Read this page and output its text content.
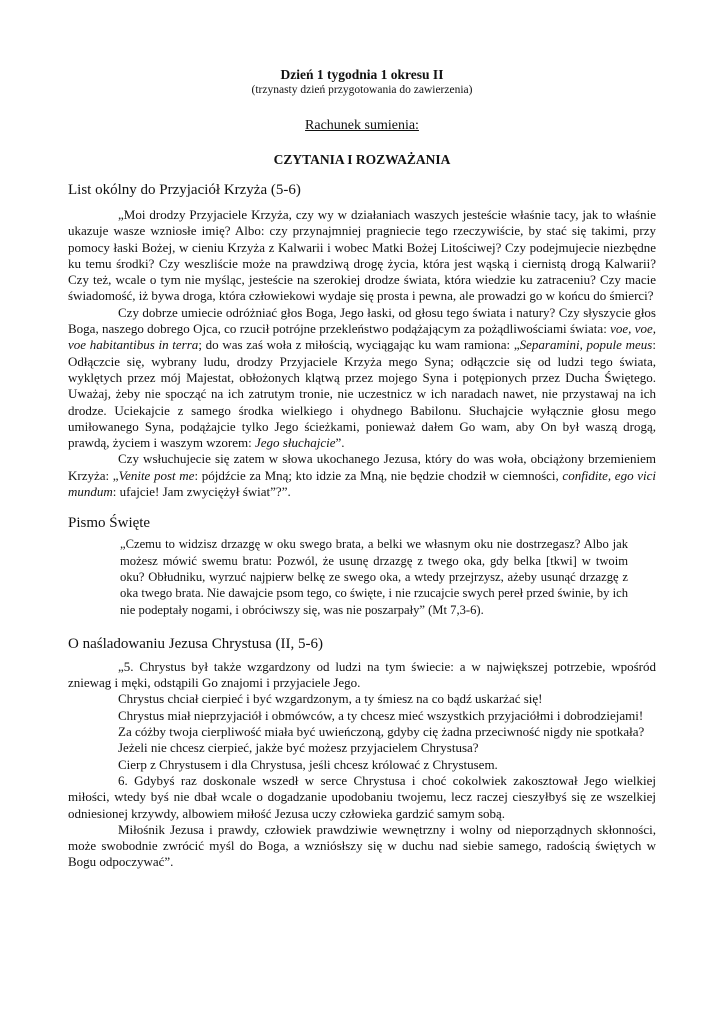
Dzień 1 tygodnia 1 okresu II

(trzynasty dzień przygotowania do zawierzenia)

Rachunek sumienia:

CZYTANIA I ROZWAŻANIA

List okólny do Przyjaciół Krzyża (5-6)

„Moi drodzy Przyjaciele Krzyża, czy wy w działaniach waszych jesteście właśnie tacy, jak to właśnie ukazuje wasze wzniosłe imię? Albo: czy przynajmniej pragniecie tego rzeczywiście, by stać się takimi, przy pomocy łaski Bożej, w cieniu Krzyża z Kalwarii i wobec Matki Bożej Litościwej? Czy podejmujecie niezbędne ku temu środki? Czy weszliście może na prawdziwą drogę życia, która jest wąską i ciernistą drogą Kalwarii? Czy też, wcale o tym nie myśląc, jesteście na szerokiej drodze świata, która wiedzie ku zatraceniu? Czy macie świadomość, iż bywa droga, która człowiekowi wydaje się prosta i pewna, ale prowadzi go w końcu do śmierci?

Czy dobrze umiecie odróżniać głos Boga, Jego łaski, od głosu tego świata i natury? Czy słyszycie głos Boga, naszego dobrego Ojca, co rzucił potrójne przekleństwo podążającym za pożądliwościami świata: voe, voe, voe habitantibus in terra; do was zaś woła z miłością, wyciągając ku wam ramiona: „Separamini, popule meus: Odłączcie się, wybrany ludu, drodzy Przyjaciele Krzyża mego Syna; odłączcie się od ludzi tego świata, wyklętych przez mój Majestat, obłożonych klątwą przez mojego Syna i potępionych przez Ducha Świętego. Uważaj, żeby nie spocząć na ich zatrutym tronie, nie uczestnicz w ich naradach nawet, nie przystawaj na ich drodze. Uciekajcie z samego środka wielkiego i ohydnego Babilonu. Słuchajcie wyłącznie głosu mego umiłowanego Syna, podążajcie tylko Jego ścieżkami, ponieważ dałem Go wam, aby On był waszą drogą, prawdą, życiem i waszym wzorem: Jego słuchajcie”.

Czy wsłuchujecie się zatem w słowa ukochanego Jezusa, który do was woła, obciążony brzemieniem Krzyża: „Venite post me: pójdźcie za Mną; kto idzie za Mną, nie będzie chodził w ciemności, confidite, ego vici mundum: ufajcie! Jam zwyciężył świat”?”.

Pismo Święte

„Czemu to widzisz drzazgę w oku swego brata, a belki we własnym oku nie dostrzegasz? Albo jak możesz mówić swemu bratu: Pozwól, że usunę drzazgę z twego oka, gdy belka [tkwi] w twoim oku? Obłudniku, wyrzuć najpierw belkę ze swego oka, a wtedy przejrzysz, ażeby usunąć drzazgę z oka twego brata. Nie dawajcie psom tego, co święte, i nie rzucajcie swych pereł przed świnie, by ich nie podeptały nogami, i obróciwszy się, was nie poszarpały” (Mt 7,3-6).

O naśladowaniu Jezusa Chrystusa (II, 5-6)

„5. Chrystus był także wzgardzony od ludzi na tym świecie: a w największej potrzebie, wpośród zniewag i męki, odstąpili Go znajomi i przyjaciele Jego.

Chrystus chciał cierpieć i być wzgardzonym, a ty śmiesz na co bądź uskarżać się!

Chrystus miał nieprzyjaciół i obmówców, a ty chcesz mieć wszystkich przyjaciółmi i dobrodziejami!

Za cóżby twoja cierpliwość miała być uwieńczoną, gdyby cię żadna przeciwność nigdy nie spotkała?

Jeżeli nie chcesz cierpieć, jakże być możesz przyjacielem Chrystusa?

Cierp z Chrystusem i dla Chrystusa, jeśli chcesz królować z Chrystusem.

6. Gdybyś raz doskonale wszedł w serce Chrystusa i choć cokolwiek zakosztował Jego wielkiej miłości, wtedy byś nie dbał wcale o dogadzanie upodobaniu twojemu, lecz raczej cieszyłbyś się ze wszelkiej odniesionej krzywdy, albowiem miłość Jezusa uczy człowieka gardzić samym sobą.

Miłośnik Jezusa i prawdy, człowiek prawdziwie wewnętrzny i wolny od nieporządnych skłonności, może swobodnie zwrócić myśl do Boga, a wzniósłszy się w duchu nad siebie samego, radością świętych w Bogu odpoczywać”.
